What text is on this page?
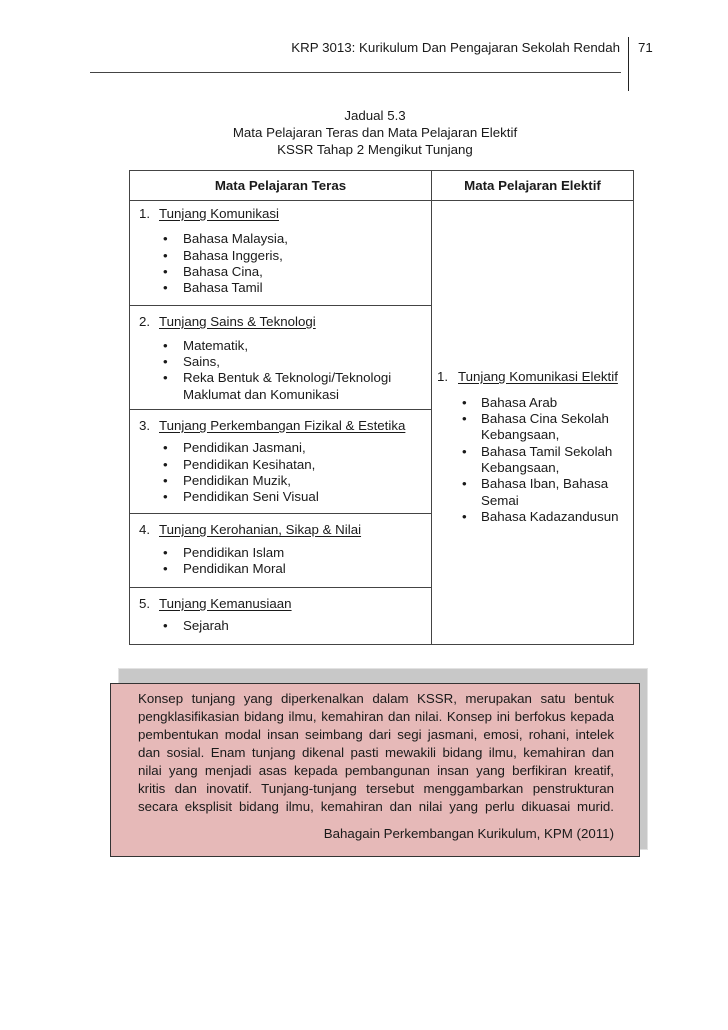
KRP 3013: Kurikulum Dan Pengajaran Sekolah Rendah 71
Jadual 5.3
Mata Pelajaran Teras dan Mata Pelajaran Elektif
KSSR Tahap 2 Mengikut Tunjang
Mata Pelajaran Teras	Mata Pelajaran Elektif
1. Tunjang Komunikasi
• Bahasa Malaysia,
• Bahasa Inggeris,
• Bahasa Cina,
• Bahasa Tamil
2. Tunjang Sains & Teknologi
• Matematik,
• Sains,
• Reka Bentuk & Teknologi/Teknologi
Maklumat dan Komunikasi
3. Tunjang Perkembangan Fizikal & Estetika
• Pendidikan Jasmani,
• Pendidikan Kesihatan,
• Pendidikan Muzik,
• Pendidikan Seni Visual
4. Tunjang Kerohanian, Sikap & Nilai
• Pendidikan Islam
• Pendidikan Moral
5. Tunjang Kemanusiaan
• Sejarah
1. Tunjang Komunikasi Elektif
• Bahasa Arab
• Bahasa Cina Sekolah
Kebangsaan,
• Bahasa Tamil Sekolah
Kebangsaan,
• Bahasa Iban, Bahasa
Semai
• Bahasa Kadazandusun
Konsep tunjang yang diperkenalkan dalam KSSR, merupakan satu bentuk
pengklasifikasian bidang ilmu, kemahiran dan nilai. Konsep ini berfokus kepada
pembentukan modal insan seimbang dari segi jasmani, emosi, rohani, intelek
dan sosial. Enam tunjang dikenal pasti mewakili bidang ilmu, kemahiran dan
nilai yang menjadi asas kepada pembangunan insan yang berfikiran kreatif,
kritis dan inovatif. Tunjang-tunjang tersebut menggambarkan penstrukturan
secara eksplisit bidang ilmu, kemahiran dan nilai yang perlu dikuasai murid.
Bahagain Perkembangan Kurikulum, KPM (2011)
